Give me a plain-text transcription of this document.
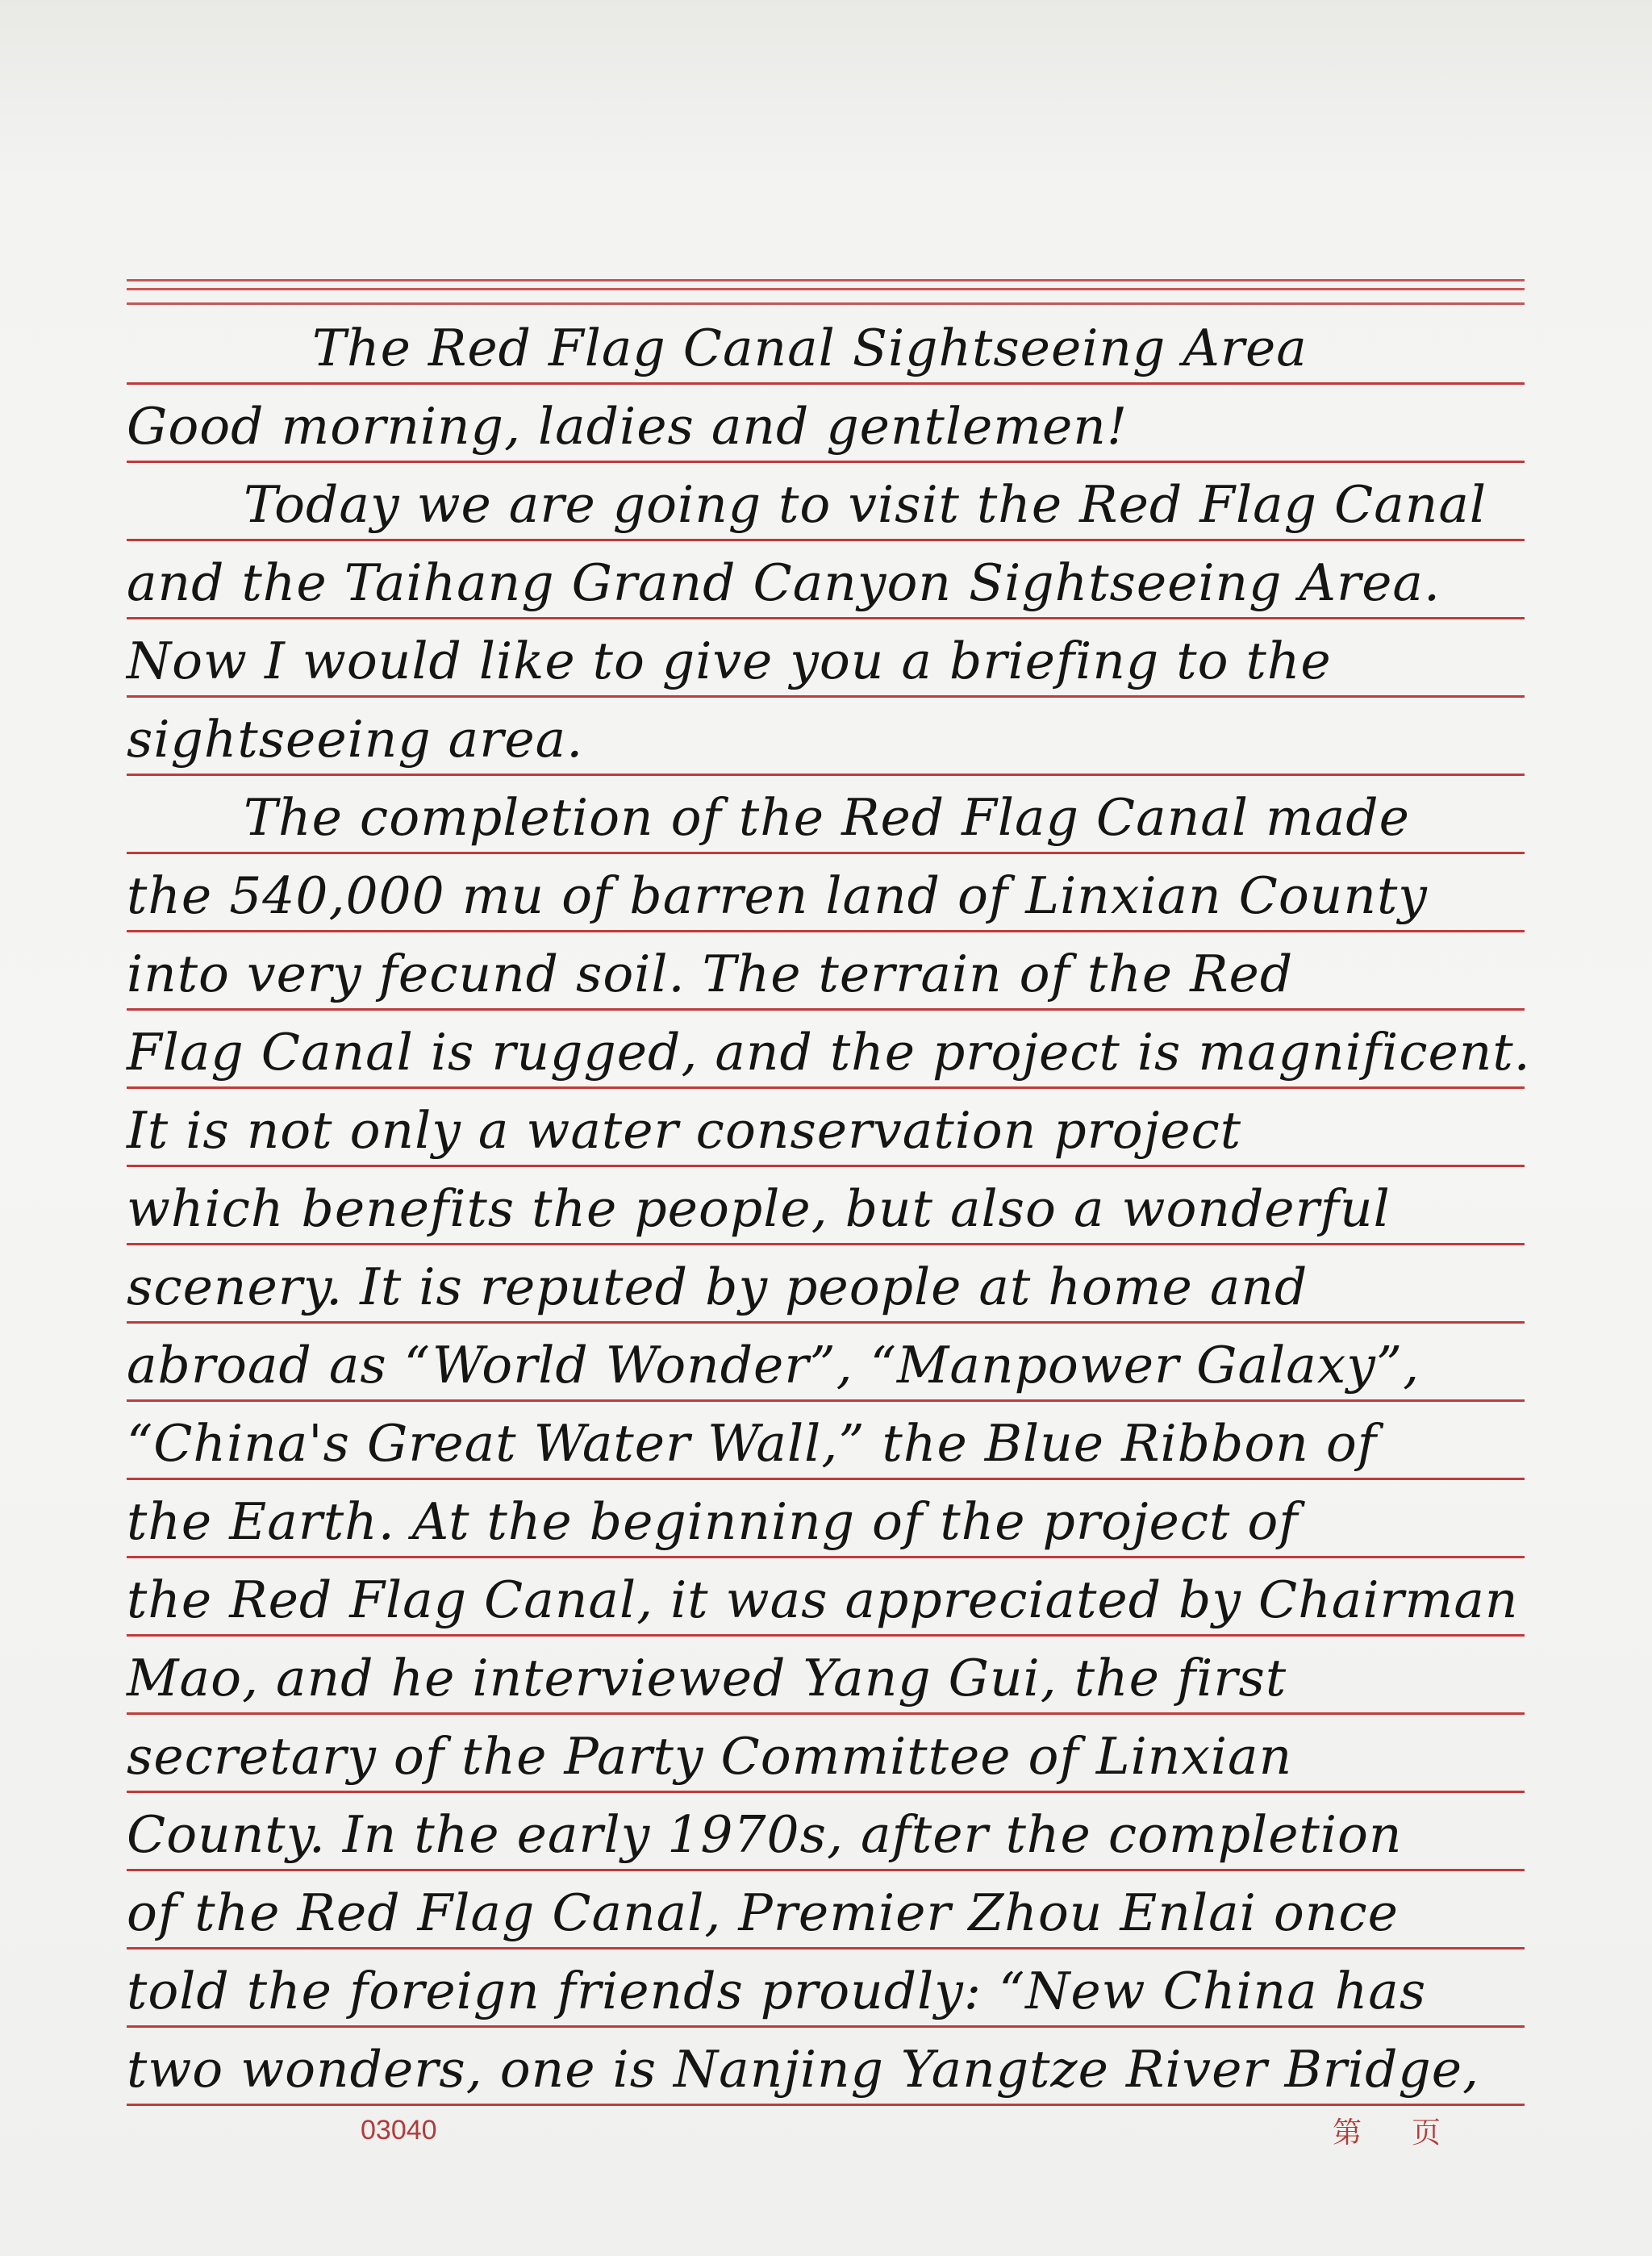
The Red Flag Canal Sightseeing Area
Good morning, ladies and gentlemen!
Today we are going to visit the Red Flag Canal
and the Taihang Grand Canyon Sightseeing Area.
Now I would like to give you a briefing to the
sightseeing area.
The completion of the Red Flag Canal made
the 540,000 mu of barren land of Linxian County
into very fecund soil. The terrain of the Red
Flag Canal is rugged, and the project is magnificent.
It is not only a water conservation project
which benefits the people, but also a wonderful
scenery. It is reputed by people at home and
abroad as “World Wonder”, “Manpower Galaxy”,
“China's Great Water Wall,” the Blue Ribbon of
the Earth. At the beginning of the project of
the Red Flag Canal, it was appreciated by Chairman
Mao, and he interviewed Yang Gui, the first
secretary of the Party Committee of Linxian
County. In the early 1970s, after the completion
of the Red Flag Canal, Premier Zhou Enlai once
told the foreign friends proudly: “New China has
two wonders, one is Nanjing Yangtze River Bridge,
03040	第 页
